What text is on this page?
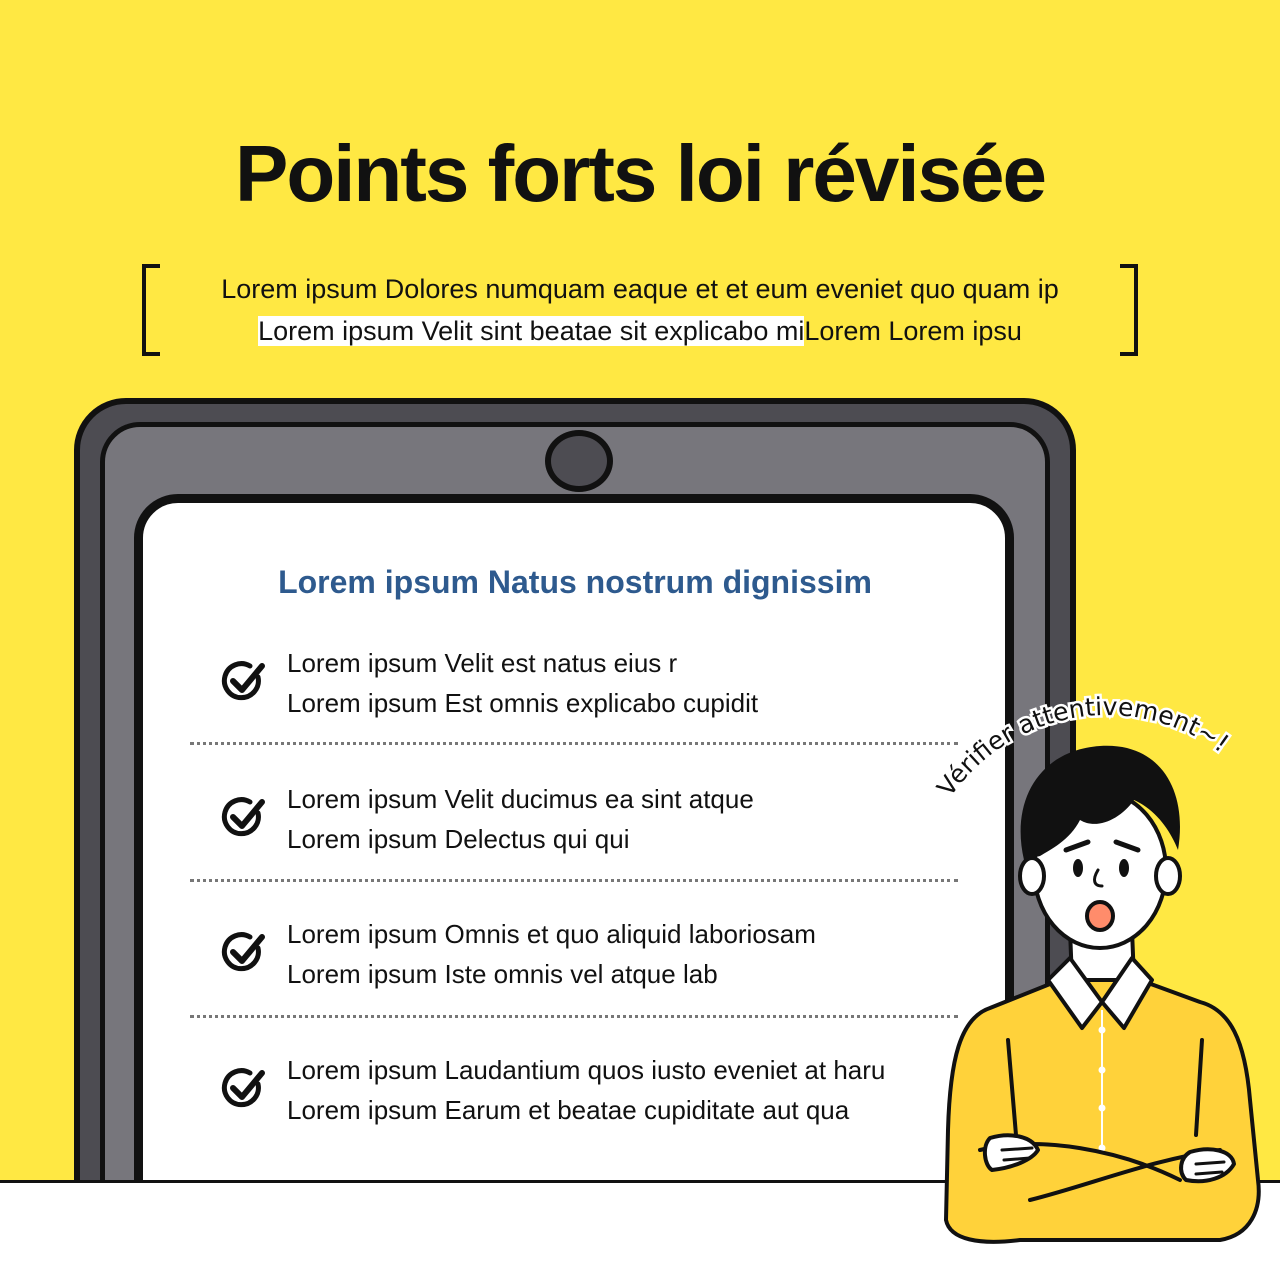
Points forts loi révisée
Lorem ipsum Dolores numquam eaque et et eum eveniet quo quam ip
Lorem ipsum Velit sint beatae sit explicabo miLorem Lorem ipsu
Lorem ipsum Natus nostrum dignissim
Lorem ipsum Velit est natus eius r
Lorem ipsum Est omnis explicabo cupidit
Lorem ipsum Velit ducimus ea sint atque
Lorem ipsum Delectus qui qui
Lorem ipsum Omnis et quo aliquid laboriosam
Lorem ipsum Iste omnis vel atque lab
Lorem ipsum Laudantium quos iusto eveniet at haru
Lorem ipsum Earum et beatae cupiditate aut qua
Vérifier attentivement~!
